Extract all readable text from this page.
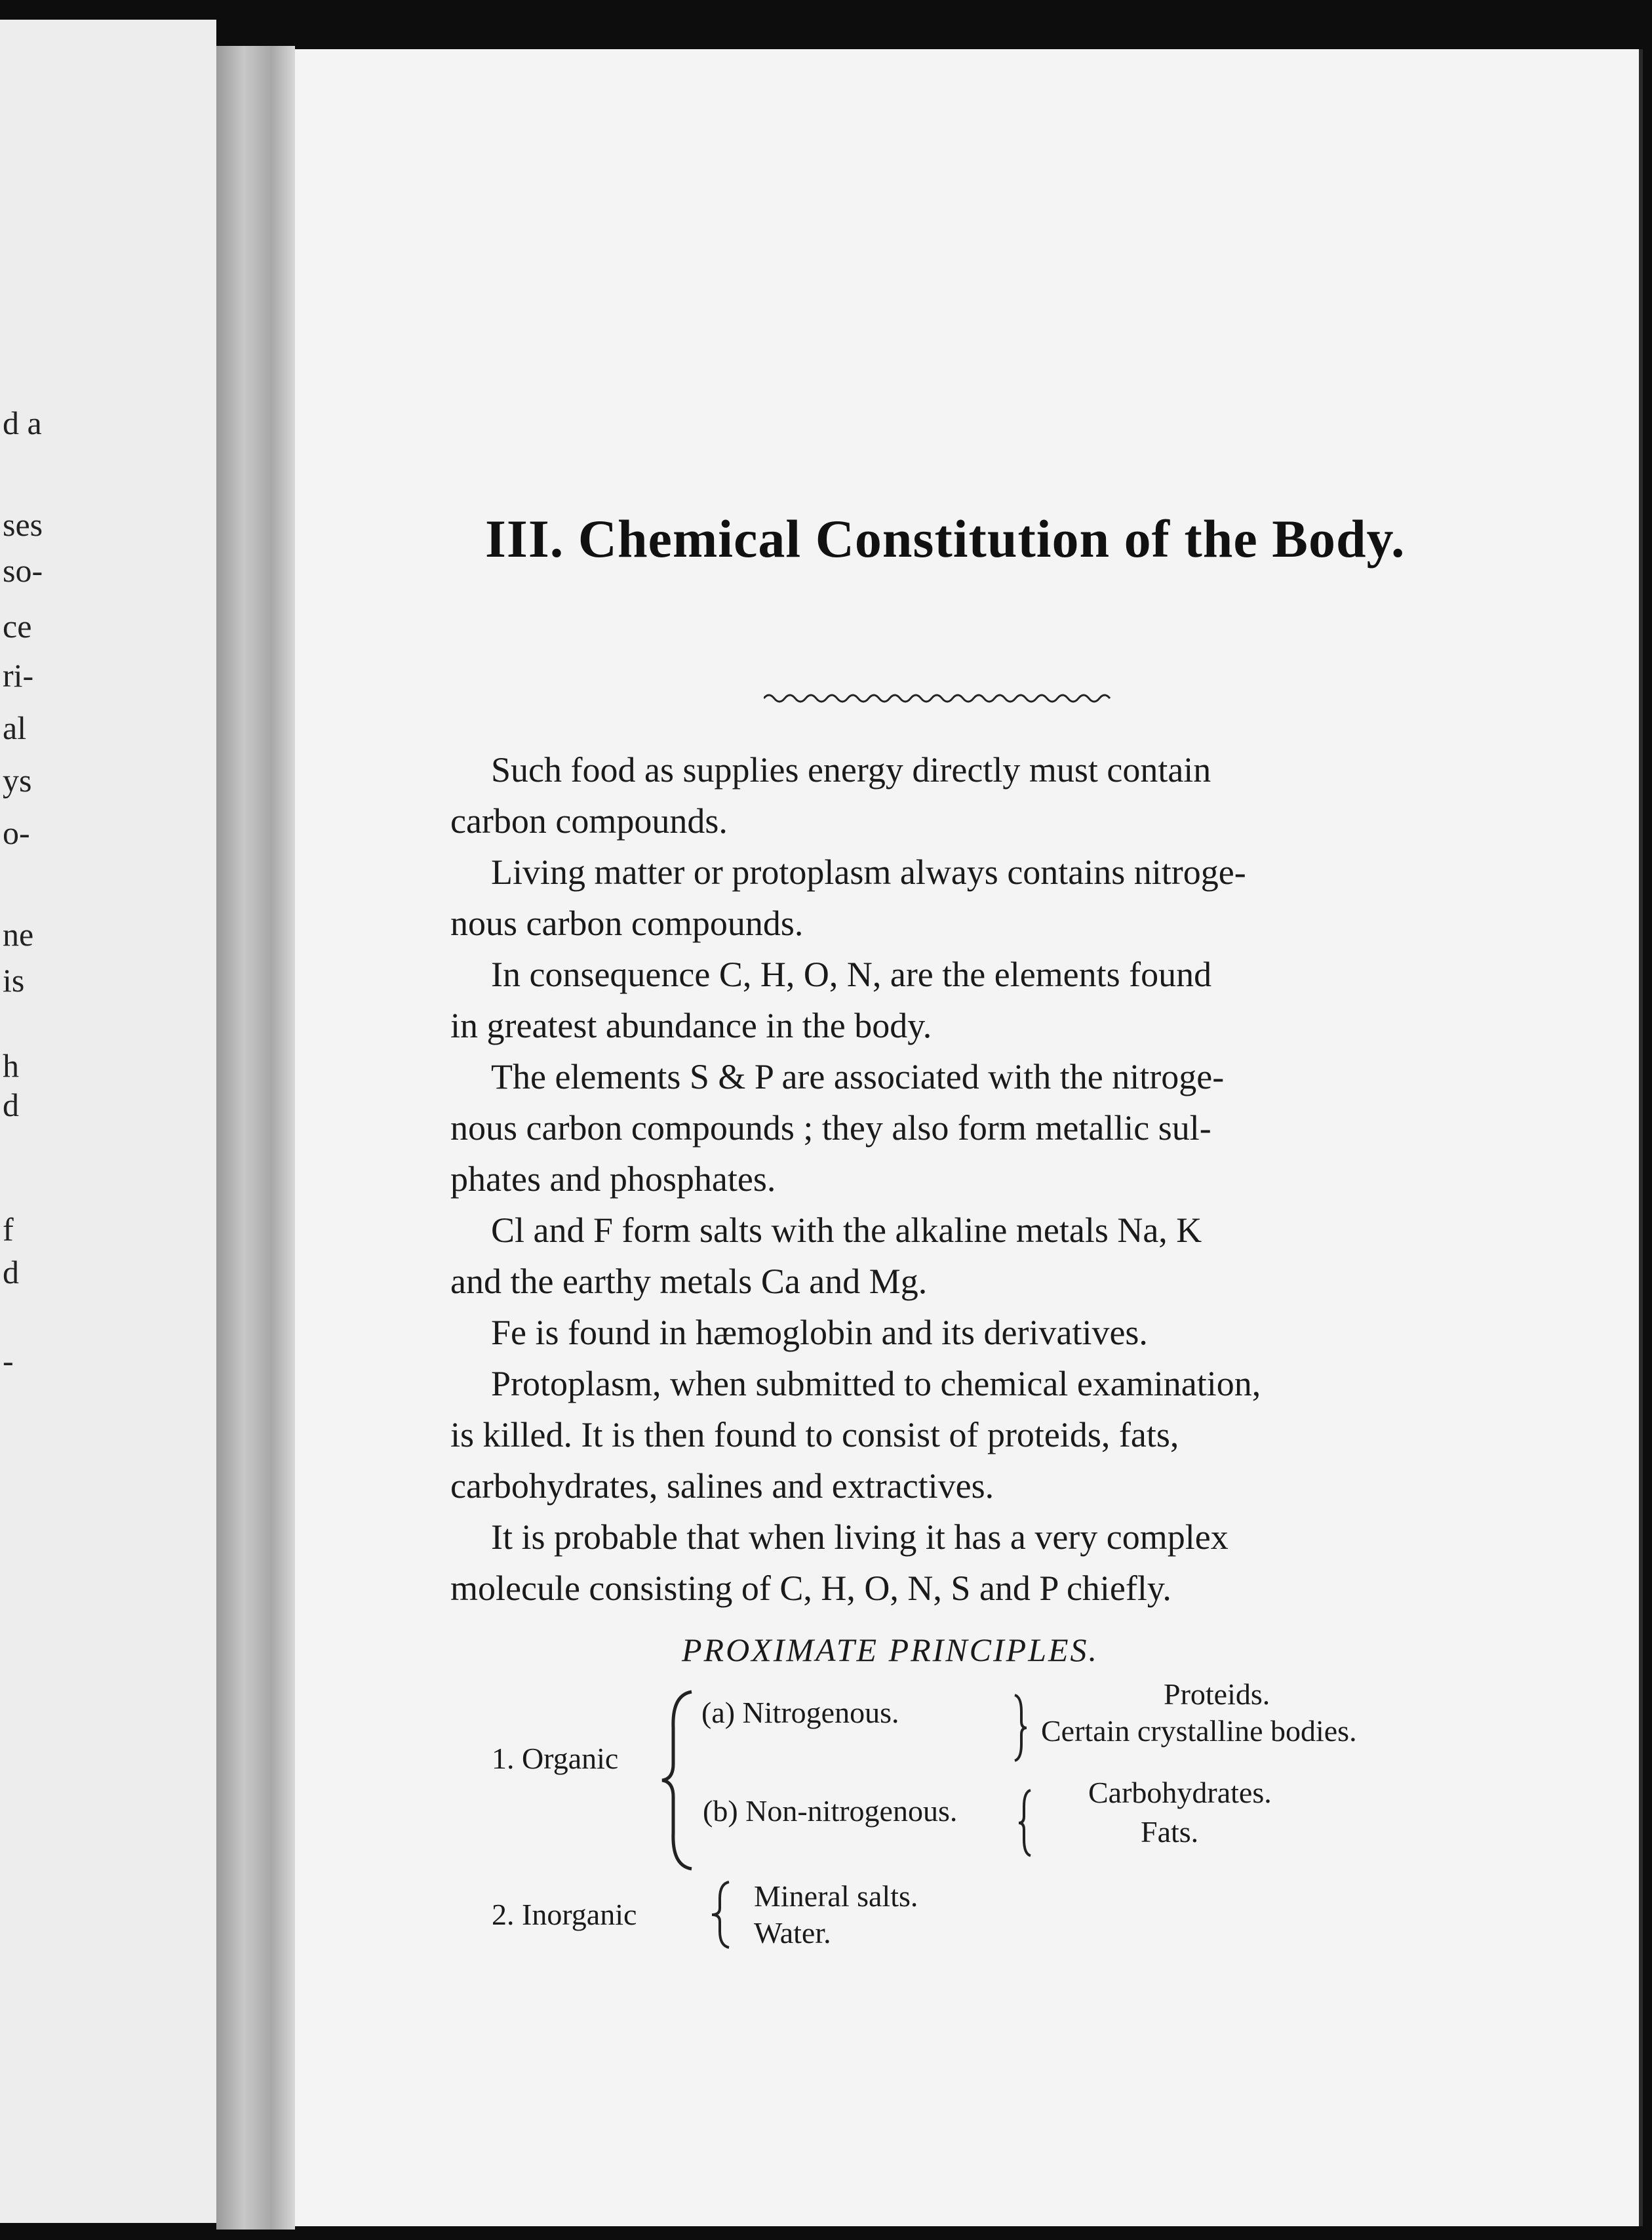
d a
ses
so-
ce
ri-
al
ys
o-
ne
is
h
d
f
d
-
III. Chemical Constitution of the Body.
Such food as supplies energy directly must contain
carbon compounds.
Living matter or protoplasm always contains nitroge-
nous carbon compounds.
In consequence C, H, O, N, are the elements found
in greatest abundance in the body.
The elements S & P are associated with the nitroge-
nous carbon compounds ; they also form metallic sul-
phates and phosphates.
Cl and F form salts with the alkaline metals Na, K
and the earthy metals Ca and Mg.
Fe is found in hæmoglobin and its derivatives.
Protoplasm, when submitted to chemical examination,
is killed. It is then found to consist of proteids, fats,
carbohydrates, salines and extractives.
It is probable that when living it has a very complex
molecule consisting of C, H, O, N, S and P chiefly.
PROXIMATE PRINCIPLES.
1. Organic
(a) Nitrogenous.
Proteids.
Certain crystalline bodies.
(b) Non-nitrogenous.
Carbohydrates.
Fats.
2. Inorganic
Mineral salts.
Water.
